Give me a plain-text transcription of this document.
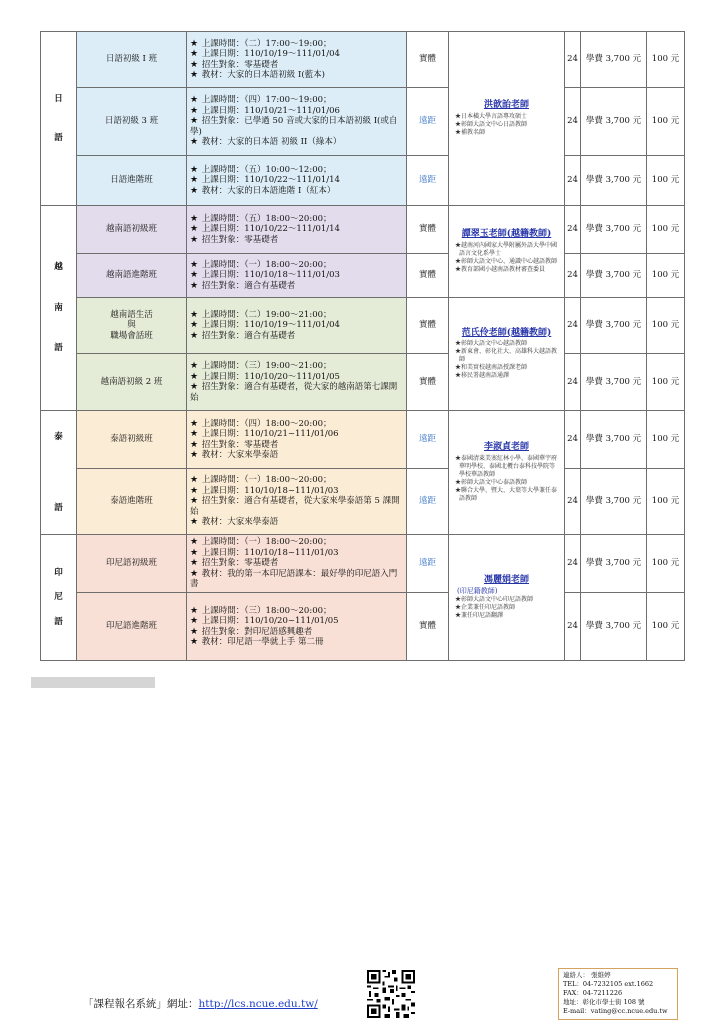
日
語	日語初級 I 班	★ 上課時間：（二）17:00～19:00；
★ 上課日期：110/10/19～111/01/04
★ 招生對象：零基礎者
★ 教材：大家的日本語初級 I(藍本)	實體	洪歆詒老師
★日本橫大學言語專攻碩士
★彰師大語文中心日語教師
★補教名師	24	學費 3,700 元	100 元
	日語初級 3 班	★ 上課時間：（四）17:00～19:00；
★ 上課日期：110/10/21～111/01/06
★ 招生對象：已學過 50 音或大家的日本語初級 I(或自學)
★ 教材：大家的日本語 初級 II（綠本）	遠距		24	學費 3,700 元	100 元
	日語進階班	★ 上課時間：（五）10:00～12:00；
★ 上課日期：110/10/22～111/01/14
★ 教材：大家的日本語進階 I（紅本）	遠距		24	學費 3,700 元	100 元

越
南
語	越南語初級班	★ 上課時間：（五）18:00～20:00；
★ 上課日期：110/10/22～111/01/14
★ 招生對象：零基礎者	實體	譚翠玉老師(越籍教師)
★越南河內國家大學附屬外語大學中國語言文化系學士
★彰師大語文中心、通識中心越語教師
★教育部國小越南語教材審查委員	24	學費 3,700 元	100 元
	越南語進階班	★ 上課時間：（一）18:00～20:00；
★ 上課日期：110/10/18～111/01/03
★ 招生對象：適合有基礎者	實體		24	學費 3,700 元	100 元
	越南語生活
與
職場會話班	★ 上課時間：（二）19:00～21:00；
★ 上課日期：110/10/19～111/01/04
★ 招生對象：適合有基礎者	實體	范氏伶老師(越籍教師)
★彰師大語文中心越語教師
★新東會、彰化社大、高雄科大越語教師
★和美實校越南語授課老師
★移民署越南語通譯	24	學費 3,700 元	100 元
	越南語初級 2 班	★ 上課時間：（三）19:00～21:00；
★ 上課日期：110/10/20～111/01/05
★ 招生對象：適合有基礎者，從大家的越南語第七課開始	實體		24	學費 3,700 元	100 元

泰
語	泰語初級班	★ 上課時間：（四）18:00～20:00；
★ 上課日期：110/10/21~111/01/06
★ 招生對象：零基礎者
★ 教材：大家來學泰語	遠距	李淑貞老師
★泰國清萊美塞紅林小學、泰國華宇府華明學校、泰國北欖台泰科技學院等學校華語教師
★彰師大語文中心泰語教師
★聯合大學、暨大、大葉等大學兼任泰語教師	24	學費 3,700 元	100 元
	泰語進階班	★ 上課時間：（一）18:00～20:00；
★ 上課日期：110/10/18~111/01/03
★ 招生對象：適合有基礎者，從大家來學泰語第 5 課開始
★ 教材：大家來學泰語	遠距		24	學費 3,700 元	100 元

印
尼
語	印尼語初級班	★ 上課時間：（一）18:00～20:00；
★ 上課日期：110/10/18~111/01/03
★ 招生對象：零基礎者
★ 教材：我的第一本印尼語課本：最好學的印尼語入門書	遠距	馮麗娟老師
(印尼籍教師)
★彰師大語文中心印尼語教師
★企業兼任印尼語教師
★兼任印尼語翻譯	24	學費 3,700 元	100 元
	印尼語進階班	★ 上課時間：（三）18:00～20:00；
★ 上課日期：110/10/20~111/01/05
★ 招生對象：對印尼語感興趣者
★ 教材：印尼語一學就上手 第二冊	實體		24	學費 3,700 元	100 元
「課程報名系統」網址：http://lcs.ncue.edu.tw/
連絡人： 張維婷
TEL：04-7232105 ext.1662
FAX：04-7211226
地址：彰化市學士街 108 號
E-mail：vating@cc.ncue.edu.tw
